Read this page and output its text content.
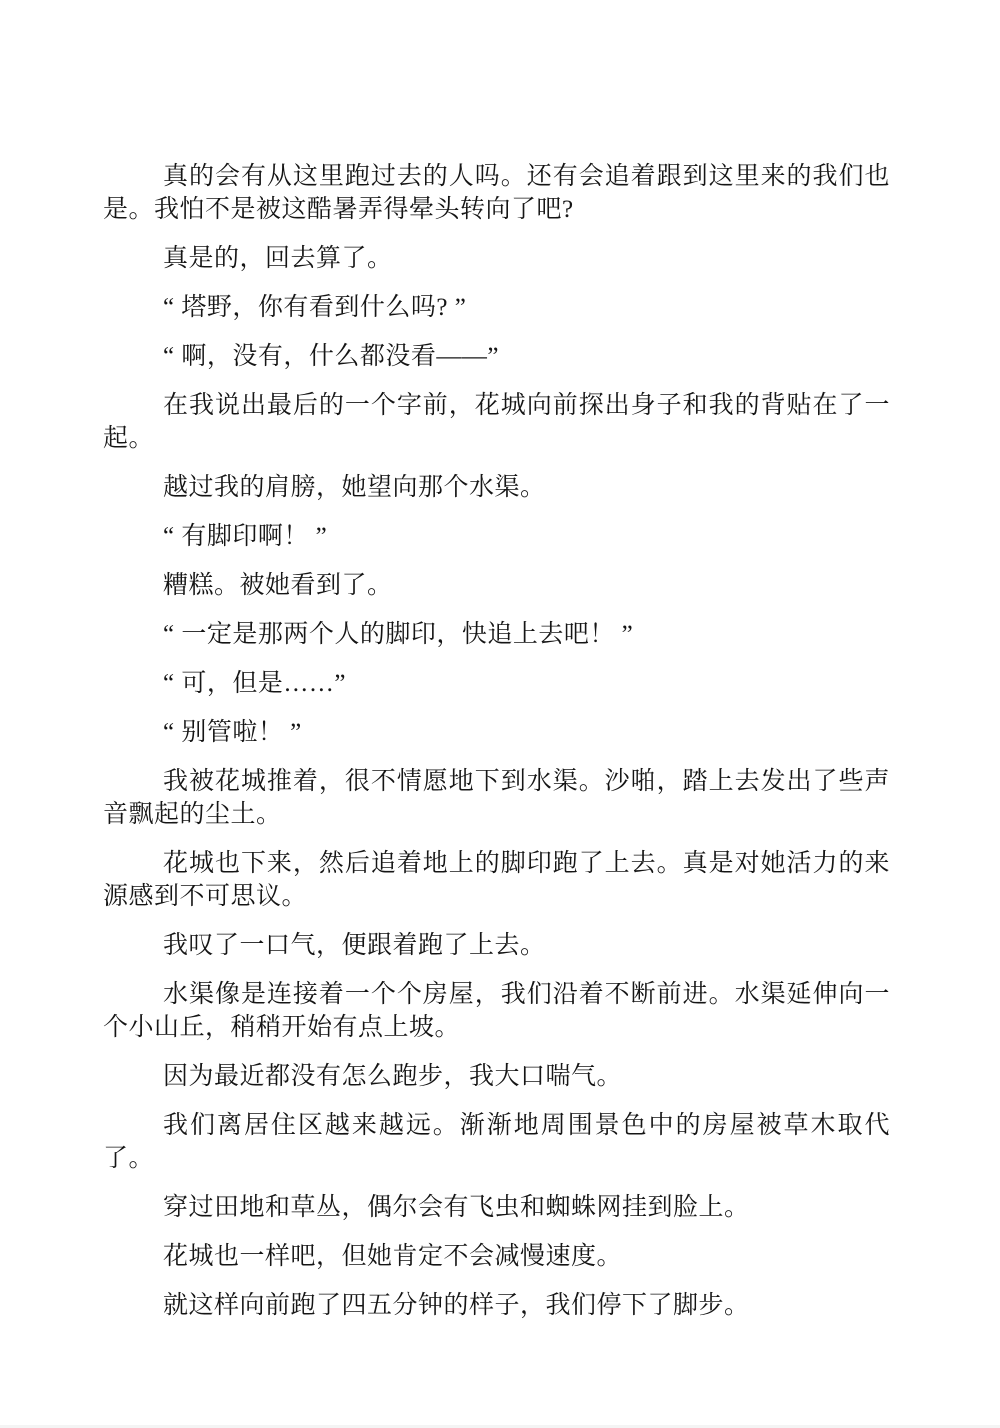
真的会有从这里跑过去的人吗。还有会追着跟到这里来的我们也是。我怕不是被这酷暑弄得晕头转向了吧?

真是的，回去算了。

“ 塔野，你有看到什么吗? ”

“ 啊，没有，什么都没看——”

在我说出最后的一个字前，花城向前探出身子和我的背贴在了一起。

越过我的肩膀，她望向那个水渠。

“ 有脚印啊！ ”

糟糕。被她看到了。

“ 一定是那两个人的脚印，快追上去吧！ ”

“ 可，但是……”

“ 别管啦！ ”

我被花城推着，很不情愿地下到水渠。沙啪，踏上去发出了些声音飘起的尘土。

花城也下来，然后追着地上的脚印跑了上去。真是对她活力的来源感到不可思议。

我叹了一口气，便跟着跑了上去。

水渠像是连接着一个个房屋，我们沿着不断前进。水渠延伸向一个小山丘，稍稍开始有点上坡。

因为最近都没有怎么跑步，我大口喘气。

我们离居住区越来越远。渐渐地周围景色中的房屋被草木取代了。

穿过田地和草丛，偶尔会有飞虫和蜘蛛网挂到脸上。

花城也一样吧，但她肯定不会减慢速度。

就这样向前跑了四五分钟的样子，我们停下了脚步。
